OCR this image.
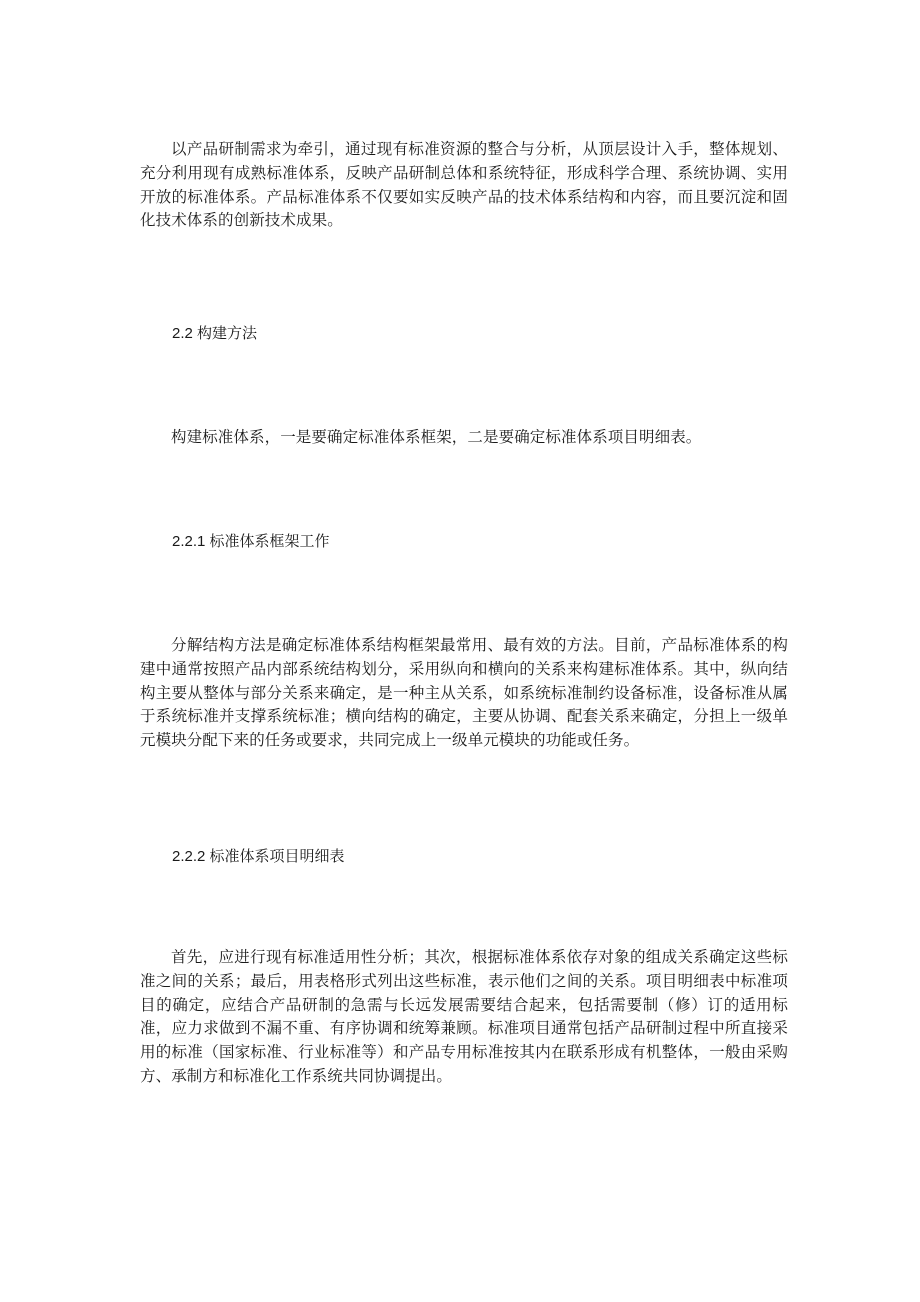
以产品研制需求为牵引，通过现有标准资源的整合与分析，从顶层设计入手，整体规划、充分利用现有成熟标准体系，反映产品研制总体和系统特征，形成科学合理、系统协调、实用开放的标准体系。产品标准体系不仅要如实反映产品的技术体系结构和内容，而且要沉淀和固化技术体系的创新技术成果。

2.2 构建方法

构建标准体系，一是要确定标准体系框架，二是要确定标准体系项目明细表。

2.2.1 标准体系框架工作

分解结构方法是确定标准体系结构框架最常用、最有效的方法。目前，产品标准体系的构建中通常按照产品内部系统结构划分，采用纵向和横向的关系来构建标准体系。其中，纵向结构主要从整体与部分关系来确定，是一种主从关系，如系统标准制约设备标准，设备标准从属于系统标准并支撑系统标准；横向结构的确定，主要从协调、配套关系来确定，分担上一级单元模块分配下来的任务或要求，共同完成上一级单元模块的功能或任务。

2.2.2 标准体系项目明细表

首先，应进行现有标准适用性分析；其次，根据标准体系依存对象的组成关系确定这些标准之间的关系；最后，用表格形式列出这些标准，表示他们之间的关系。项目明细表中标准项目的确定，应结合产品研制的急需与长远发展需要结合起来，包括需要制（修）订的适用标准，应力求做到不漏不重、有序协调和统筹兼顾。标准项目通常包括产品研制过程中所直接采用的标准（国家标准、行业标准等）和产品专用标准按其内在联系形成有机整体，一般由采购方、承制方和标准化工作系统共同协调提出。
